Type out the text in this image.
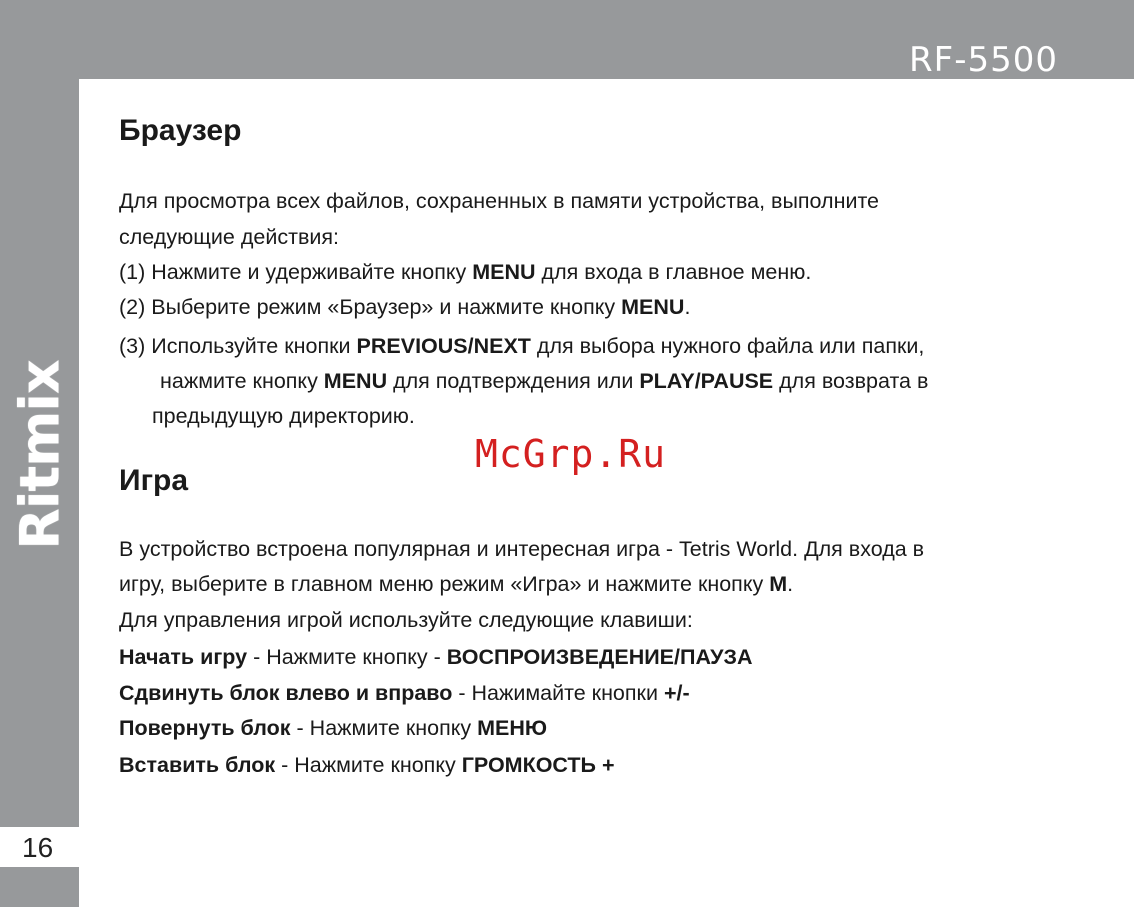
RF-5500
Ritmix
16
Браузер
Для просмотра всех файлов, сохраненных в памяти устройства, выполните
следующие действия:
(1) Нажмите и удерживайте кнопку MENU для входа в главное меню.
(2) Выберите режим «Браузер» и нажмите кнопку MENU.
(3) Используйте кнопки PREVIOUS/NEXT для выбора нужного файла или папки,
нажмите кнопку MENU для подтверждения или PLAY/PAUSE для возврата в
предыдущую директорию.
Игра
В устройство встроена популярная и интересная игра - Tetris World. Для входа в
игру, выберите в главном меню режим «Игра» и нажмите кнопку M.
Для управления игрой используйте следующие клавиши:
Начать игру - Нажмите кнопку - ВОСПРОИЗВЕДЕНИЕ/ПАУЗА
Сдвинуть блок влево и вправо - Нажимайте кнопки +/-
Повернуть блок - Нажмите кнопку МЕНЮ
Вставить блок - Нажмите кнопку ГРОМКОСТЬ +
McGrp.Ru
